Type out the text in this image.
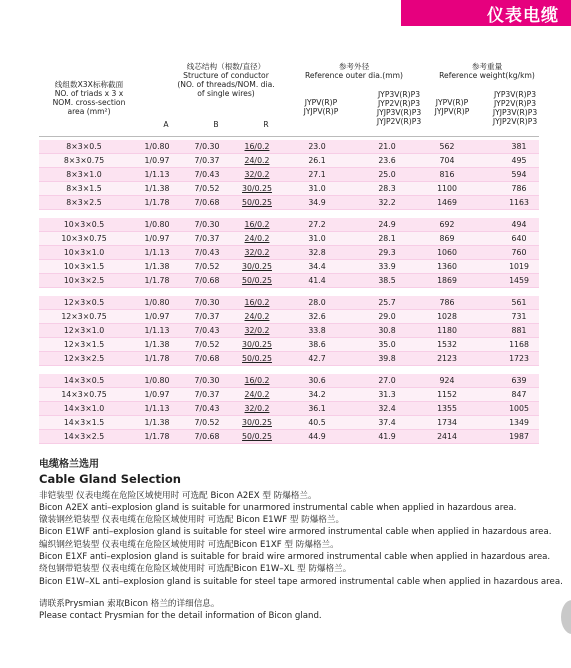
仪表电缆
线组数X3X标称截面
NO. of triads x 3 x
NOM. cross-section
area (mm²)
线芯结构（根数/直径）
Structure of conductor
(NO. of threads/NOM. dia.
of single wires)
A	B	R
参考外径
Reference outer dia.(mm)
JYPV(R)P
JYJPV(R)P
JYP3V(R)P3
JYP2V(R)P3
JYJP3V(R)P3
JYJP2V(R)P3
参考重量
Reference weight(kg/km)
JYPV(R)P
JYJPV(R)P
JYP3V(R)P3
JYP2V(R)P3
JYJP3V(R)P3
JYJP2V(R)P3
8×3×0.5	1/0.80	7/0.30	16/0.2	23.0	21.0	562	381
8×3×0.75	1/0.97	7/0.37	24/0.2	26.1	23.6	704	495
8×3×1.0	1/1.13	7/0.43	32/0.2	27.1	25.0	816	594
8×3×1.5	1/1.38	7/0.52	30/0.25	31.0	28.3	1100	786
8×3×2.5	1/1.78	7/0.68	50/0.25	34.9	32.2	1469	1163
10×3×0.5	1/0.80	7/0.30	16/0.2	27.2	24.9	692	494
10×3×0.75	1/0.97	7/0.37	24/0.2	31.0	28.1	869	640
10×3×1.0	1/1.13	7/0.43	32/0.2	32.8	29.3	1060	760
10×3×1.5	1/1.38	7/0.52	30/0.25	34.4	33.9	1360	1019
10×3×2.5	1/1.78	7/0.68	50/0.25	41.4	38.5	1869	1459
12×3×0.5	1/0.80	7/0.30	16/0.2	28.0	25.7	786	561
12×3×0.75	1/0.97	7/0.37	24/0.2	32.6	29.0	1028	731
12×3×1.0	1/1.13	7/0.43	32/0.2	33.8	30.8	1180	881
12×3×1.5	1/1.38	7/0.52	30/0.25	38.6	35.0	1532	1168
12×3×2.5	1/1.78	7/0.68	50/0.25	42.7	39.8	2123	1723
14×3×0.5	1/0.80	7/0.30	16/0.2	30.6	27.0	924	639
14×3×0.75	1/0.97	7/0.37	24/0.2	34.2	31.3	1152	847
14×3×1.0	1/1.13	7/0.43	32/0.2	36.1	32.4	1355	1005
14×3×1.5	1/1.38	7/0.52	30/0.25	40.5	37.4	1734	1349
14×3×2.5	1/1.78	7/0.68	50/0.25	44.9	41.9	2414	1987
电缆格兰选用
Cable Gland Selection

非铠装型 仪表电缆在危险区域使用时 可选配 Bicon A2EX 型 防爆格兰。

Bicon A2EX anti–explosion gland is suitable for unarmored instrumental cable when applied in hazardous area.

镦装钢丝铠装型 仪表电缆在危险区域使用时 可选配 Bicon E1WF 型 防爆格兰。

Bicon E1WF anti–explosion gland is suitable for steel wire armored instrumental cable when applied in hazardous area.

编织钢丝铠装型 仪表电缆在危险区域使用时 可选配Bicon E1XF 型 防爆格兰。

Bicon E1XF anti–explosion gland is suitable for braid wire armored instrumental cable when applied in hazardous area.

绕包钢带铠装型 仪表电缆在危险区域使用时 可选配Bicon E1W–XL 型 防爆格兰。

Bicon E1W–XL anti–explosion gland is suitable for steel tape armored instrumental cable when applied in hazardous area.

请联系Prysmian 索取Bicon 格兰的详细信息。

Please contact Prysmian for the detail information of Bicon gland.
